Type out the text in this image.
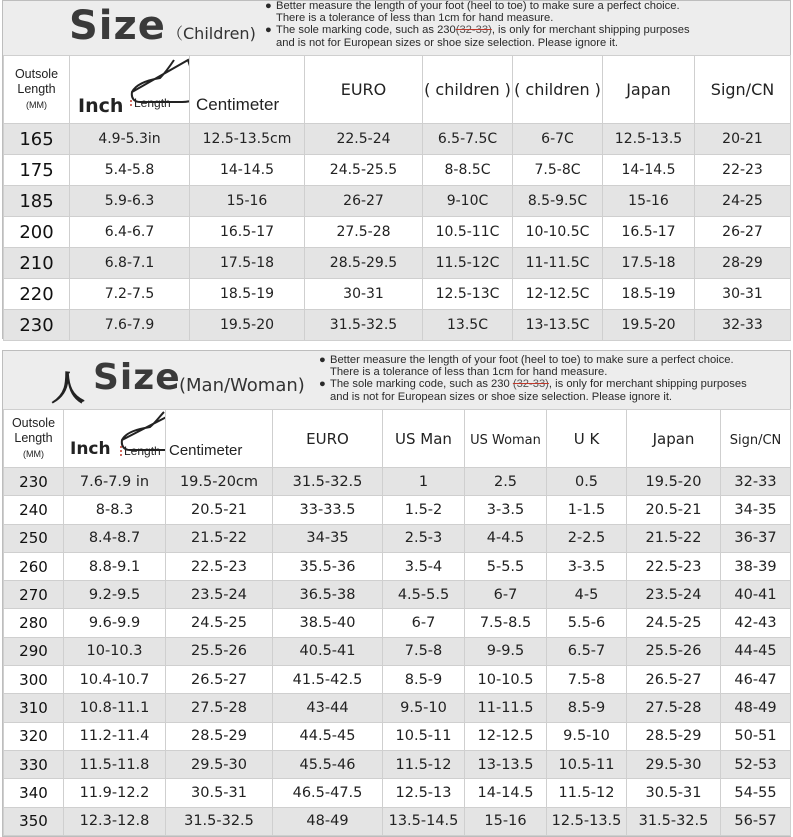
Size （Children)

● Better measure the length of your foot (heel to toe) to make sure a perfect choice.

There is a tolerance of less than 1cm for hand measure.

● The sole marking code, such as 230(32-33), is only for merchant shipping purposes

and is not for European sizes or shoe size selection. Please ignore it.

Outsole
Length
(MM)	Inch Length	Centimeter	EURO	( children )	( children )	Japan	Sign/CN
165	4.9-5.3in	12.5-13.5cm	22.5-24	6.5-7.5C	6-7C	12.5-13.5	20-21
175	5.4-5.8	14-14.5	24.5-25.5	8-8.5C	7.5-8C	14-14.5	22-23
185	5.9-6.3	15-16	26-27	9-10C	8.5-9.5C	15-16	24-25
200	6.4-6.7	16.5-17	27.5-28	10.5-11C	10-10.5C	16.5-17	26-27
210	6.8-7.1	17.5-18	28.5-29.5	11.5-12C	11-11.5C	17.5-18	28-29
220	7.2-7.5	18.5-19	30-31	12.5-13C	12-12.5C	18.5-19	30-31
230	7.6-7.9	19.5-20	31.5-32.5	13.5C	13-13.5C	19.5-20	32-33
人 Size
(Man/Woman)

● Better measure the length of your foot (heel to toe) to make sure a perfect choice.

There is a tolerance of less than 1cm for hand measure.

● The sole marking code, such as 230 (32-33), is only for merchant shipping purposes

and is not for European sizes or shoe size selection. Please ignore it.

Outsole
Length
(MM)	Inch Length	Centimeter	EURO	US Man	US Woman	U K	Japan	Sign/CN
230	7.6-7.9 in	19.5-20cm	31.5-32.5	1	2.5	0.5	19.5-20	32-33
240	8-8.3	20.5-21	33-33.5	1.5-2	3-3.5	1-1.5	20.5-21	34-35
250	8.4-8.7	21.5-22	34-35	2.5-3	4-4.5	2-2.5	21.5-22	36-37
260	8.8-9.1	22.5-23	35.5-36	3.5-4	5-5.5	3-3.5	22.5-23	38-39
270	9.2-9.5	23.5-24	36.5-38	4.5-5.5	6-7	4-5	23.5-24	40-41
280	9.6-9.9	24.5-25	38.5-40	6-7	7.5-8.5	5.5-6	24.5-25	42-43
290	10-10.3	25.5-26	40.5-41	7.5-8	9-9.5	6.5-7	25.5-26	44-45
300	10.4-10.7	26.5-27	41.5-42.5	8.5-9	10-10.5	7.5-8	26.5-27	46-47
310	10.8-11.1	27.5-28	43-44	9.5-10	11-11.5	8.5-9	27.5-28	48-49
320	11.2-11.4	28.5-29	44.5-45	10.5-11	12-12.5	9.5-10	28.5-29	50-51
330	11.5-11.8	29.5-30	45.5-46	11.5-12	13-13.5	10.5-11	29.5-30	52-53
340	11.9-12.2	30.5-31	46.5-47.5	12.5-13	14-14.5	11.5-12	30.5-31	54-55
350	12.3-12.8	31.5-32.5	48-49	13.5-14.5	15-16	12.5-13.5	31.5-32.5	56-57
